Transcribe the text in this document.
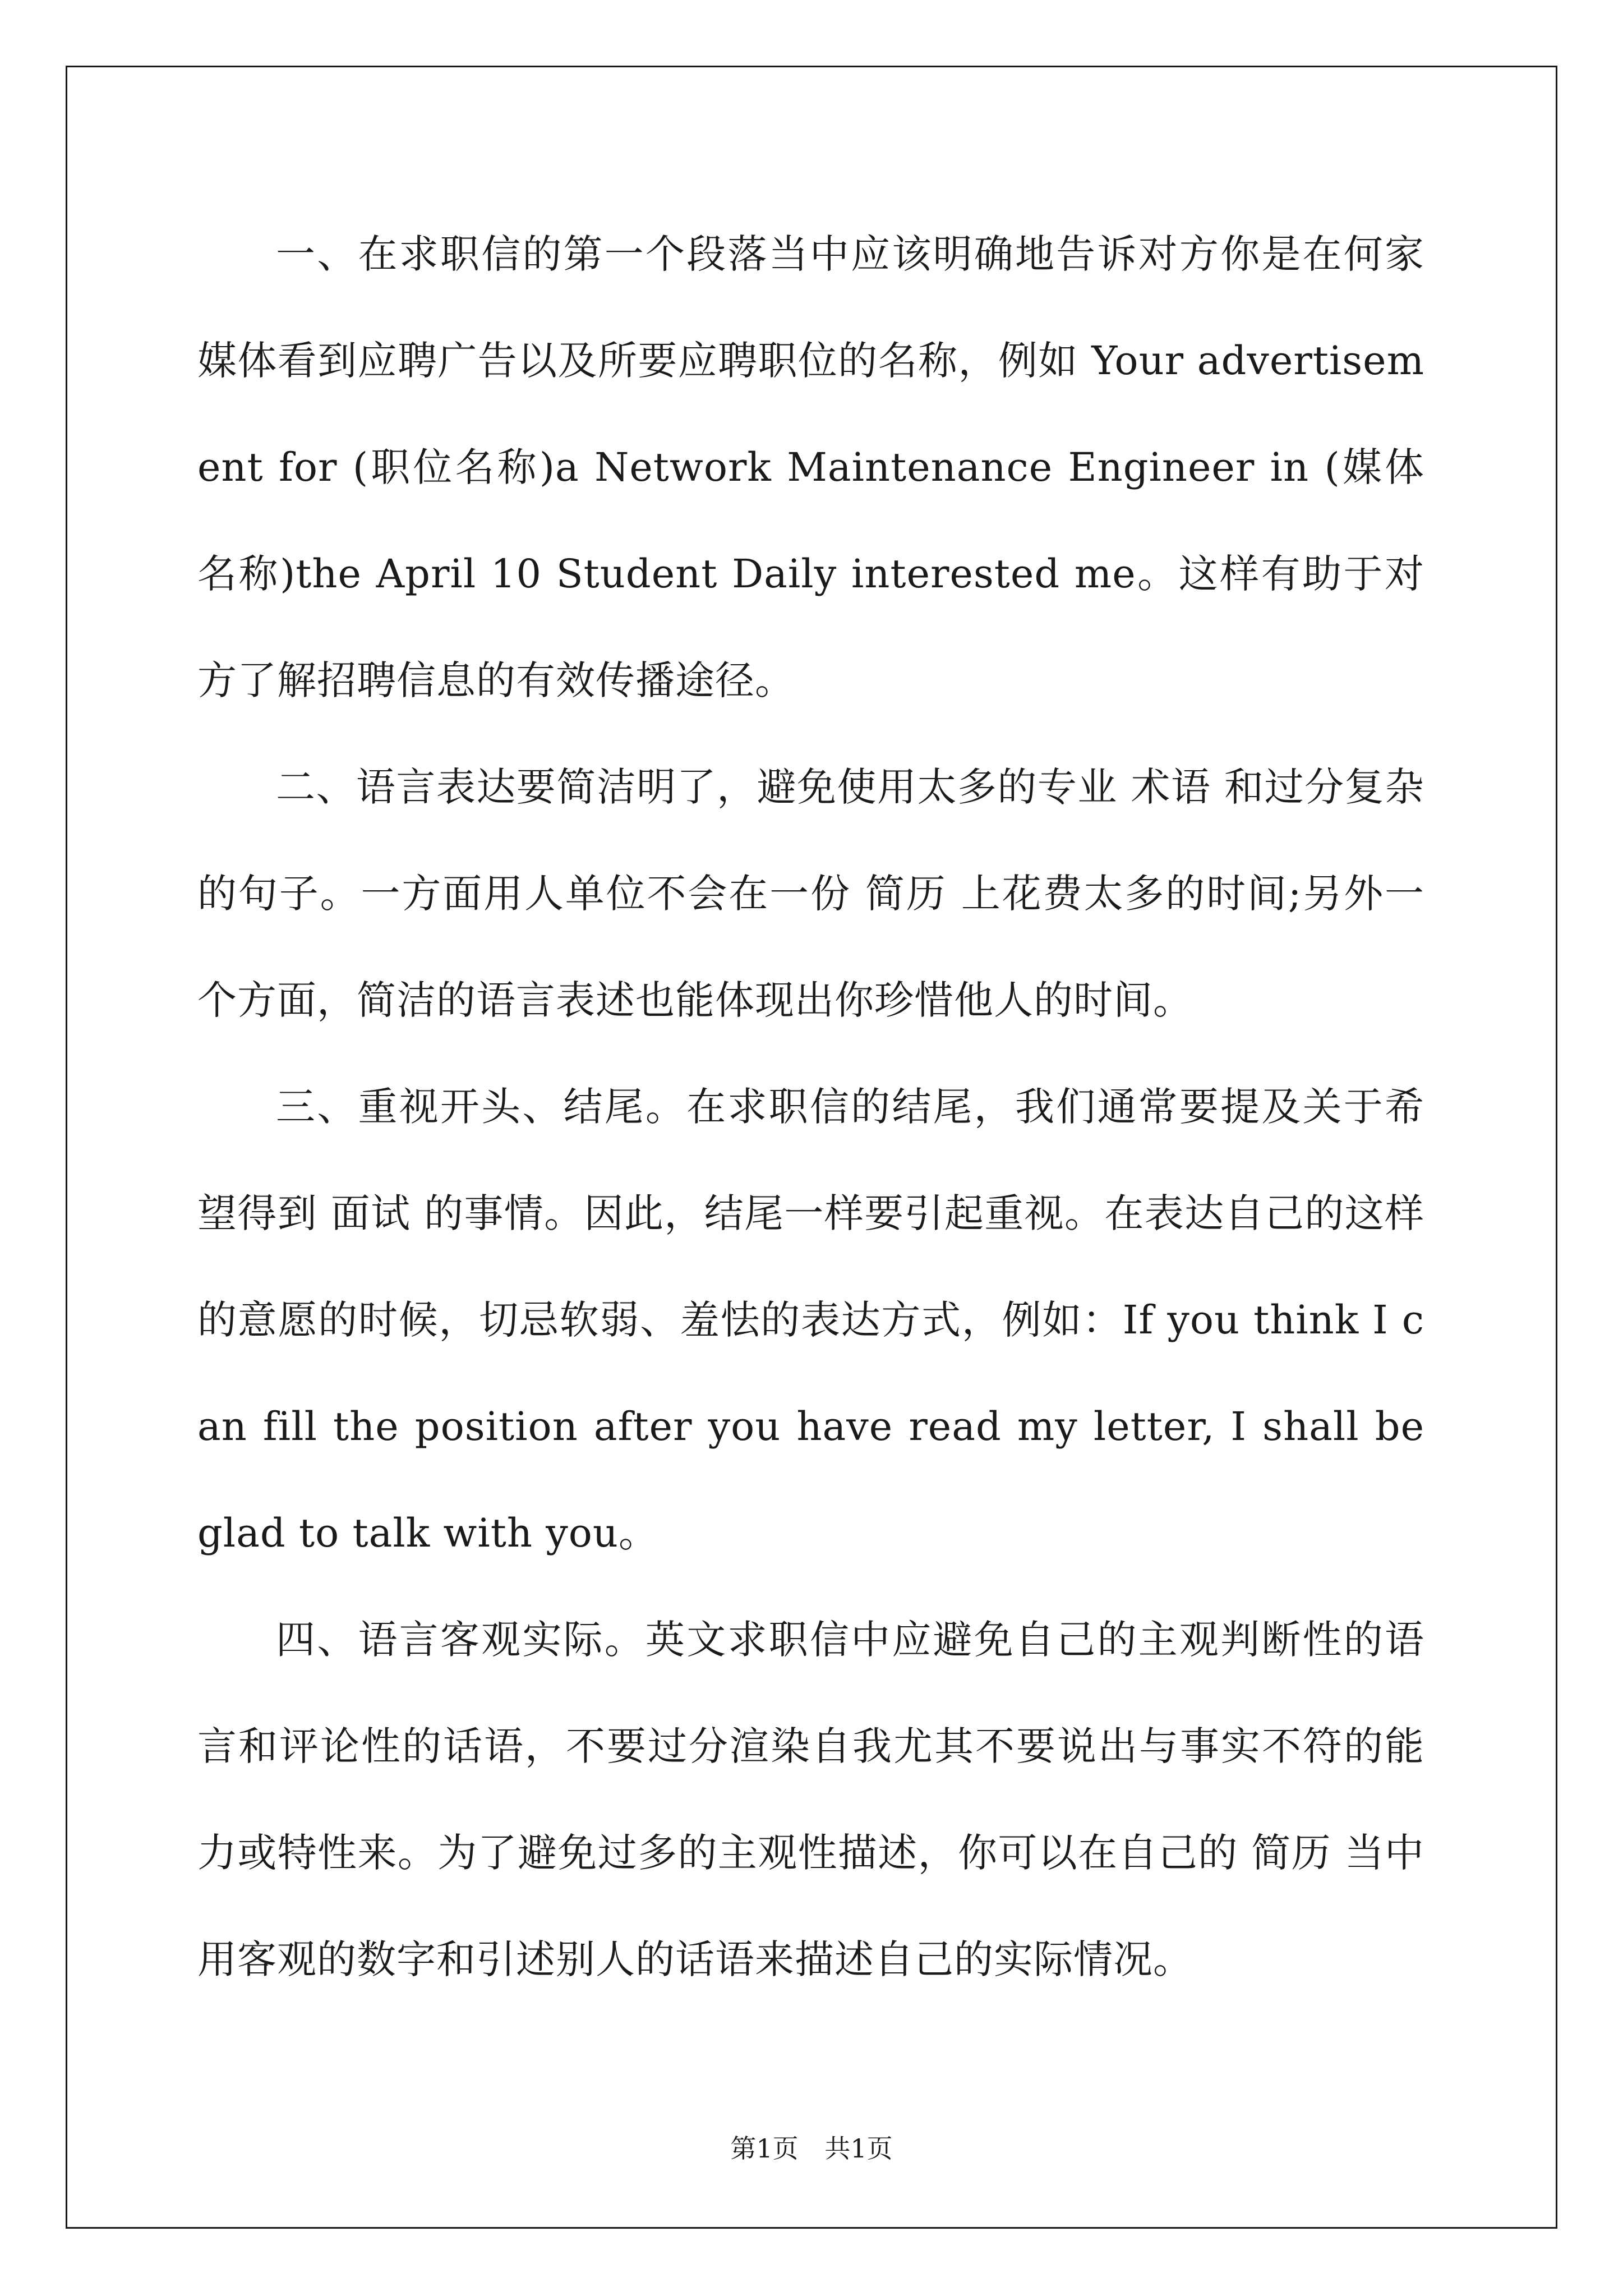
一、在求职信的第一个段落当中应该明确地告诉对方你是在何家媒体看到应聘广告以及所要应聘职位的名称，例如 Your advertisement for (职位名称)a Network Maintenance Engineer in (媒体名称)the April 10 Student Daily interested me。这样有助于对方了解招聘信息的有效传播途径。

二、语言表达要简洁明了，避免使用太多的专业 术语 和过分复杂的句子。一方面用人单位不会在一份 简历 上花费太多的时间;另外一个方面，简洁的语言表述也能体现出你珍惜他人的时间。

三、重视开头、结尾。在求职信的结尾，我们通常要提及关于希望得到 面试 的事情。因此，结尾一样要引起重视。在表达自己的这样的意愿的时候，切忌软弱、羞怯的表达方式，例如：If you think I can fill the position after you have read my letter, I shall be glad to talk with you。

四、语言客观实际。英文求职信中应避免自己的主观判断性的语言和评论性的话语，不要过分渲染自我尤其不要说出与事实不符的能力或特性来。为了避免过多的主观性描述，你可以在自己的 简历 当中用客观的数字和引述别人的话语来描述自己的实际情况。

第1页 共1页
